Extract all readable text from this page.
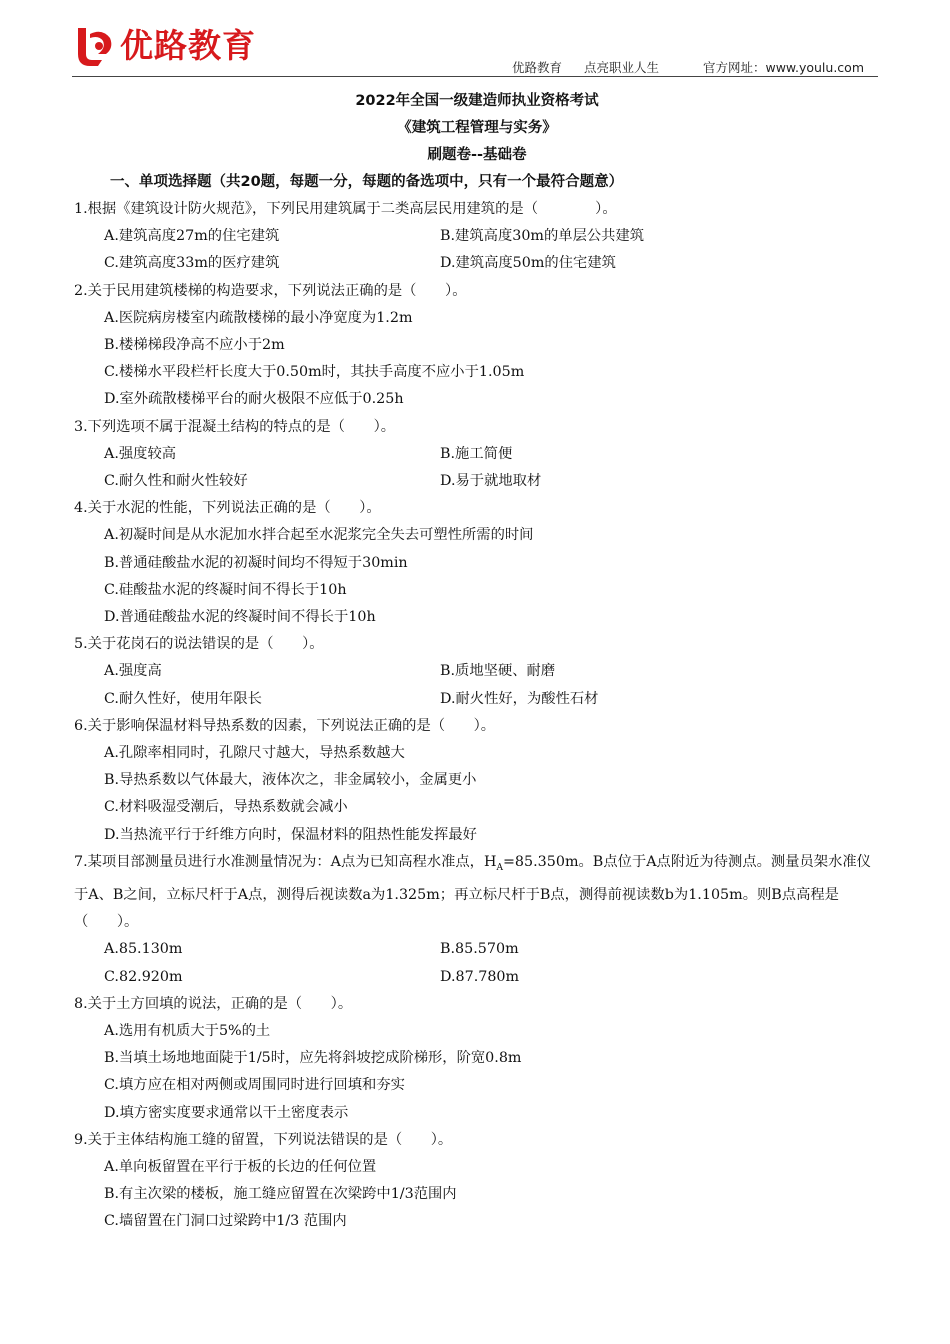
优路教育
优路教育 点亮职业人生	官方网址：www.youlu.com
2022年全国一级建造师执业资格考试
《建筑工程管理与实务》
刷题卷--基础卷
一、单项选择题（共20题，每题一分，每题的备选项中，只有一个最符合题意）
1.根据《建筑设计防火规范》，下列民用建筑属于二类高层民用建筑的是（　　　　）。
A.建筑高度27m的住宅建筑	B.建筑高度30m的单层公共建筑
C.建筑高度33m的医疗建筑	D.建筑高度50m的住宅建筑
2.关于民用建筑楼梯的构造要求，下列说法正确的是（　　）。
A.医院病房楼室内疏散楼梯的最小净宽度为1.2m
B.楼梯梯段净高不应小于2m
C.楼梯水平段栏杆长度大于0.50m时，其扶手高度不应小于1.05m
D.室外疏散楼梯平台的耐火极限不应低于0.25h
3.下列选项不属于混凝土结构的特点的是（　　）。
A.强度较高	B.施工简便
C.耐久性和耐火性较好	D.易于就地取材
4.关于水泥的性能，下列说法正确的是（　　）。
A.初凝时间是从水泥加水拌合起至水泥浆完全失去可塑性所需的时间
B.普通硅酸盐水泥的初凝时间均不得短于30min
C.硅酸盐水泥的终凝时间不得长于10h
D.普通硅酸盐水泥的终凝时间不得长于10h
5.关于花岗石的说法错误的是（　　）。
A.强度高	B.质地坚硬、耐磨
C.耐久性好，使用年限长	D.耐火性好，为酸性石材
6.关于影响保温材料导热系数的因素，下列说法正确的是（　　）。
A.孔隙率相同时，孔隙尺寸越大，导热系数越大
B.导热系数以气体最大，液体次之，非金属较小，金属更小
C.材料吸湿受潮后，导热系数就会减小
D.当热流平行于纤维方向时，保温材料的阻热性能发挥最好
7.某项目部测量员进行水准测量情况为：A点为已知高程水准点，$H_A=85.350m$。B点位于A点附近为待测点。测量员架水准仪于A、B之间，立标尺杆于A点，测得后视读数a为1.325m；再立标尺杆于B点，测得前视读数b为1.105m。则B点高程是（　　）。
A.85.130m	B.85.570m
C.82.920m	D.87.780m
8.关于土方回填的说法，正确的是（　　）。
A.选用有机质大于5%的土
B.当填土场地地面陡于1/5时，应先将斜坡挖成阶梯形，阶宽0.8m
C.填方应在相对两侧或周围同时进行回填和夯实
D.填方密实度要求通常以干土密度表示
9.关于主体结构施工缝的留置，下列说法错误的是（　　）。
A.单向板留置在平行于板的长边的任何位置
B.有主次梁的楼板，施工缝应留置在次梁跨中1/3范围内
C.墙留置在门洞口过梁跨中1/3 范围内
